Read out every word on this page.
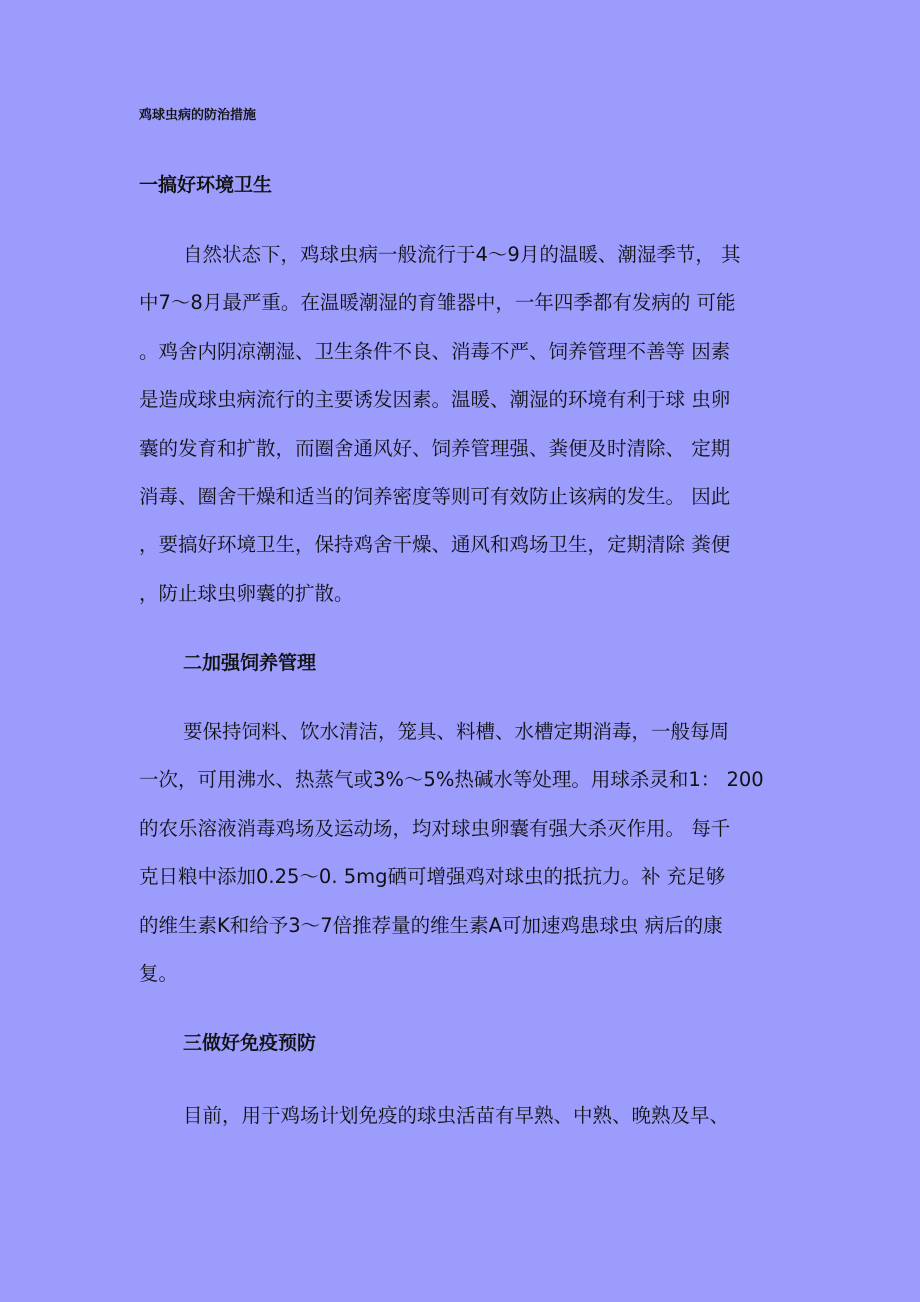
鸡球虫病的防治措施
一搞好环境卫生
自然状态下，鸡球虫病一般流行于4〜9月的温暖、潮湿季节， 其
中7〜8月最严重。在温暖潮湿的育雏器中，一年四季都有发病的 可能
。鸡舍内阴凉潮湿、卫生条件不良、消毒不严、饲养管理不善等 因素
是造成球虫病流行的主要诱发因素。温暖、潮湿的环境有利于球 虫卵
囊的发育和扩散，而圈舍通风好、饲养管理强、粪便及时清除、 定期
消毒、圈舍干燥和适当的饲养密度等则可有效防止该病的发生。 因此
，要搞好环境卫生，保持鸡舍干燥、通风和鸡场卫生，定期清除 粪便
，防止球虫卵囊的扩散。
二加强饲养管理
要保持饲料、饮水清洁，笼具、料槽、水槽定期消毒，一般每周
一次，可用沸水、热蒸气或3%〜5%热碱水等处理。用球杀灵和1： 200
的农乐溶液消毒鸡场及运动场，均对球虫卵囊有强大杀灭作用。 每千
克日粮中添加0.25〜0. 5mg硒可增强鸡对球虫的抵抗力。补 充足够
的维生素K和给予3〜7倍推荐量的维生素A可加速鸡患球虫 病后的康
复。
三做好免疫预防
目前，用于鸡场计划免疫的球虫活苗有早熟、中熟、晚熟及早、
